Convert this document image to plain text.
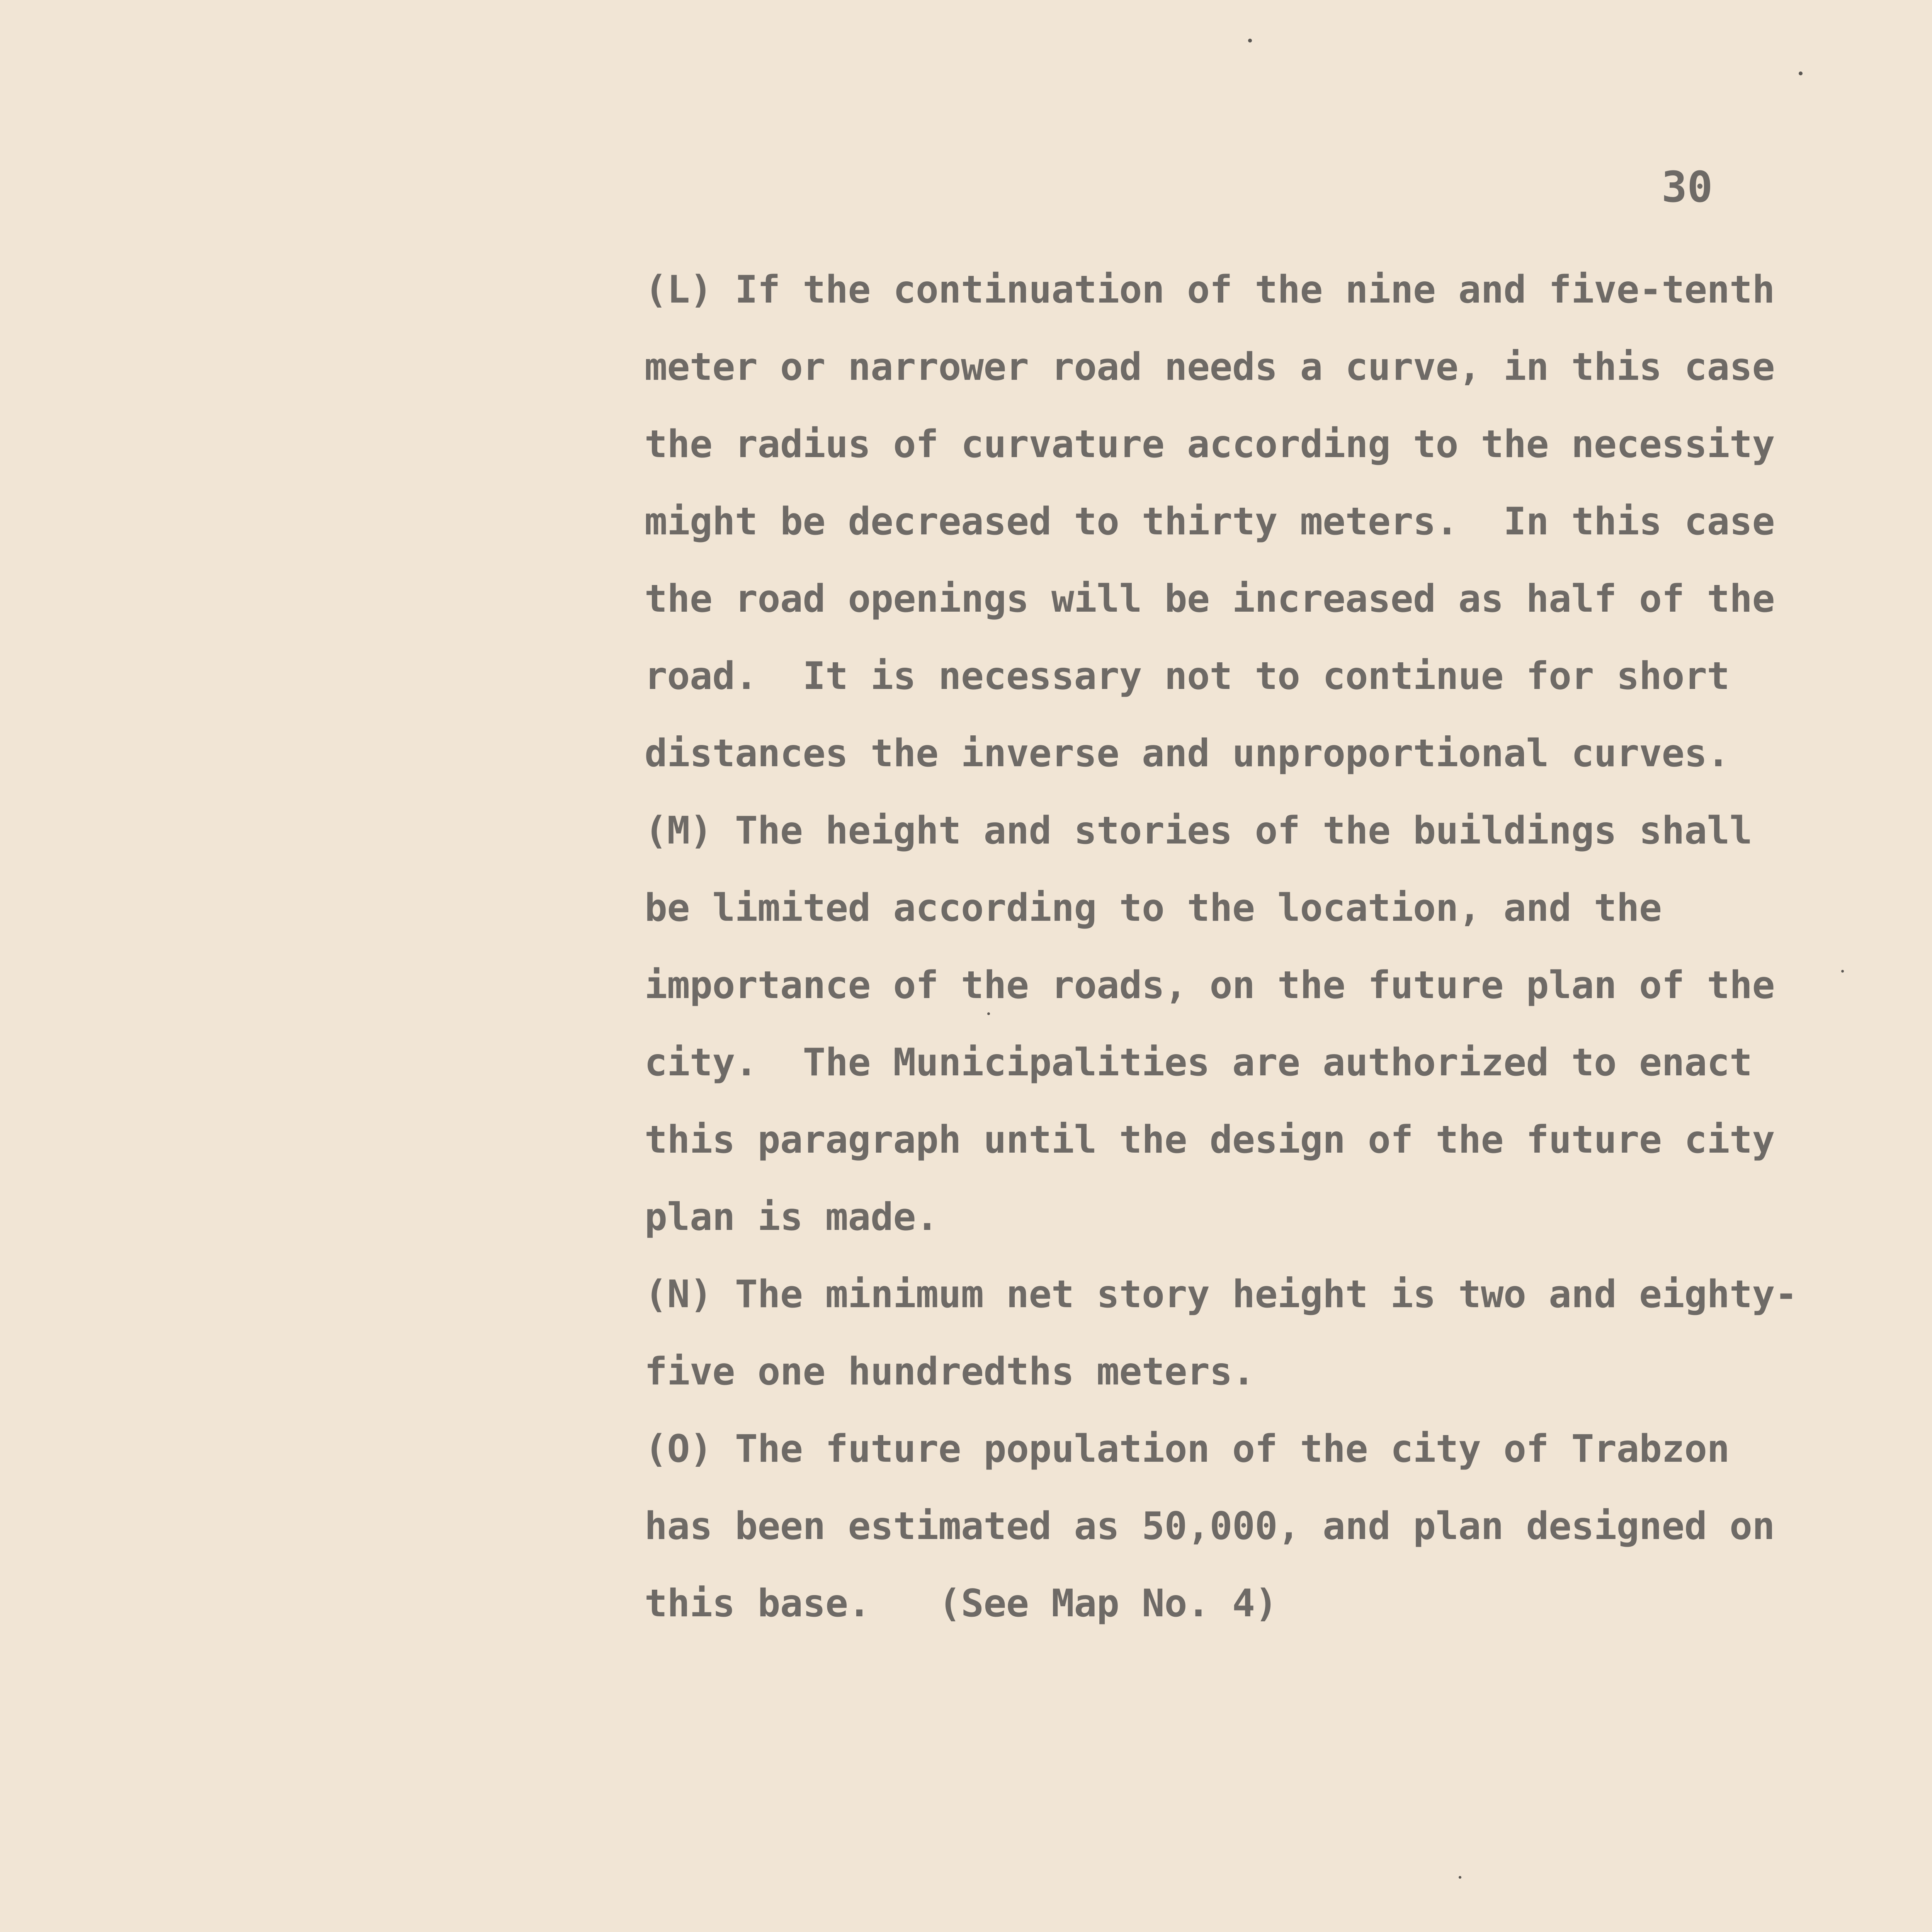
30
(L) If the continuation of the nine and five-tenth
meter or narrower road needs a curve, in this case
the radius of curvature according to the necessity
might be decreased to thirty meters.  In this case
the road openings will be increased as half of the
road.  It is necessary not to continue for short
distances the inverse and unproportional curves.
(M) The height and stories of the buildings shall
be limited according to the location, and the
importance of the roads, on the future plan of the
city.  The Municipalities are authorized to enact
this paragraph until the design of the future city
plan is made.
(N) The minimum net story height is two and eighty-
five one hundredths meters.
(O) The future population of the city of Trabzon
has been estimated as 50,000, and plan designed on
this base.   (See Map No. 4)
